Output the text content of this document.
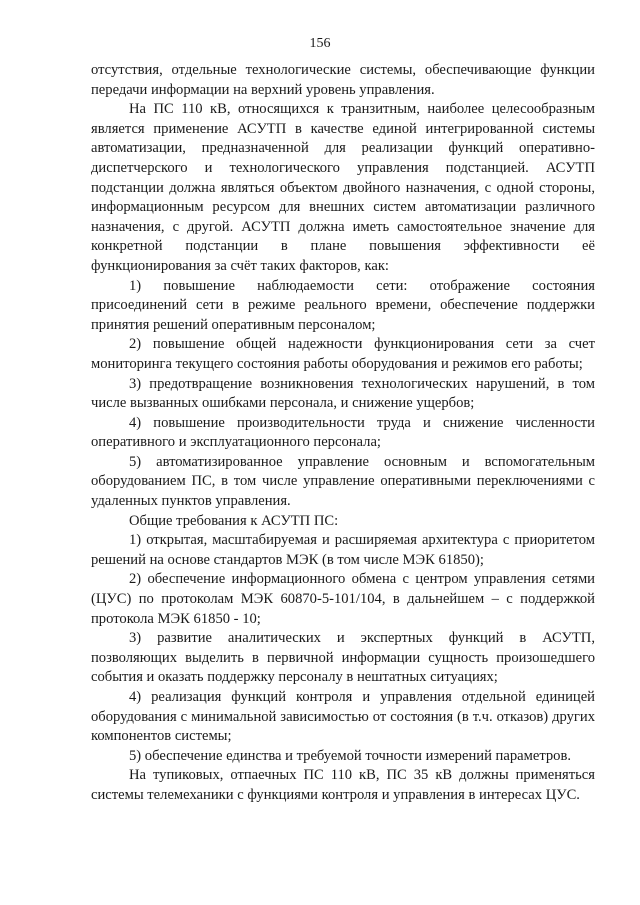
156

отсутствия, отдельные технологические системы, обеспечивающие функции передачи информации на верхний уровень управления.

На ПС 110 кВ, относящихся к транзитным, наиболее целесообразным является применение АСУТП в качестве единой интегрированной системы автоматизации, предназначенной для реализации функций оперативно-диспетчерского и технологического управления подстанцией. АСУТП подстанции должна являться объектом двойного назначения, с одной стороны, информационным ресурсом для внешних систем автоматизации различного назначения, с другой. АСУТП должна иметь самостоятельное значение для конкретной подстанции в плане повышения эффективности её функционирования за счёт таких факторов, как:

1) повышение наблюдаемости сети: отображение состояния присоединений сети в режиме реального времени, обеспечение поддержки принятия решений оперативным персоналом;

2) повышение общей надежности функционирования сети за счет мониторинга текущего состояния работы оборудования и режимов его работы;

3) предотвращение возникновения технологических нарушений, в том числе вызванных ошибками персонала, и снижение ущербов;

4) повышение производительности труда и снижение численности оперативного и эксплуатационного персонала;

5) автоматизированное управление основным и вспомогательным оборудованием ПС, в том числе управление оперативными переключениями с удаленных пунктов управления.

Общие требования к АСУТП ПС:

1) открытая, масштабируемая и расширяемая архитектура с приоритетом решений на основе стандартов МЭК (в том числе МЭК 61850);

2) обеспечение информационного обмена с центром управления сетями (ЦУС) по протоколам МЭК 60870-5-101/104, в дальнейшем – с поддержкой протокола МЭК 61850 - 10;

3) развитие аналитических и экспертных функций в АСУТП, позволяющих выделить в первичной информации сущность произошедшего события и оказать поддержку персоналу в нештатных ситуациях;

4) реализация функций контроля и управления отдельной единицей оборудования с минимальной зависимостью от состояния (в т.ч. отказов) других компонентов системы;

5) обеспечение единства и требуемой точности измерений параметров.

На тупиковых, отпаечных ПС 110 кВ, ПС 35 кВ должны применяться системы телемеханики с функциями контроля и управления в интересах ЦУС.
